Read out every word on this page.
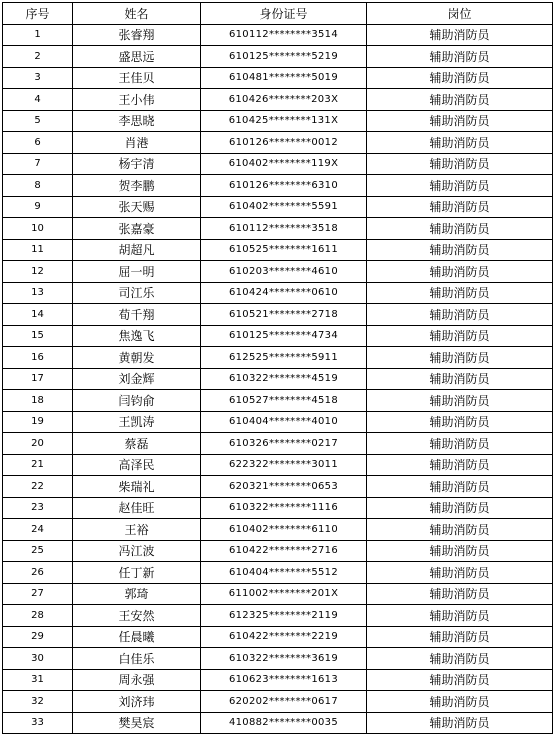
序号	姓名	身份证号	岗位
1	张睿翔	610112********3514	辅助消防员
2	盛思远	610125********5219	辅助消防员
3	王佳贝	610481********5019	辅助消防员
4	王小伟	610426********203X	辅助消防员
5	李思晓	610425********131X	辅助消防员
6	肖港	610126********0012	辅助消防员
7	杨宇清	610402********119X	辅助消防员
8	贺李鹏	610126********6310	辅助消防员
9	张天赐	610402********5591	辅助消防员
10	张嘉豪	610112********3518	辅助消防员
11	胡超凡	610525********1611	辅助消防员
12	屈一明	610203********4610	辅助消防员
13	司江乐	610424********0610	辅助消防员
14	荀千翔	610521********2718	辅助消防员
15	焦逸飞	610125********4734	辅助消防员
16	黄朝发	612525********5911	辅助消防员
17	刘金辉	610322********4519	辅助消防员
18	闫钧俞	610527********4518	辅助消防员
19	王凯涛	610404********4010	辅助消防员
20	蔡磊	610326********0217	辅助消防员
21	高泽民	622322********3011	辅助消防员
22	柴瑞礼	620321********0653	辅助消防员
23	赵佳旺	610322********1116	辅助消防员
24	王裕	610402********6110	辅助消防员
25	冯江波	610422********2716	辅助消防员
26	任丁新	610404********5512	辅助消防员
27	郭琦	611002********201X	辅助消防员
28	王安然	612325********2119	辅助消防员
29	任晨曦	610422********2219	辅助消防员
30	白佳乐	610322********3619	辅助消防员
31	周永强	610623********1613	辅助消防员
32	刘济玮	620202********0617	辅助消防员
33	樊昊宸	410882********0035	辅助消防员
